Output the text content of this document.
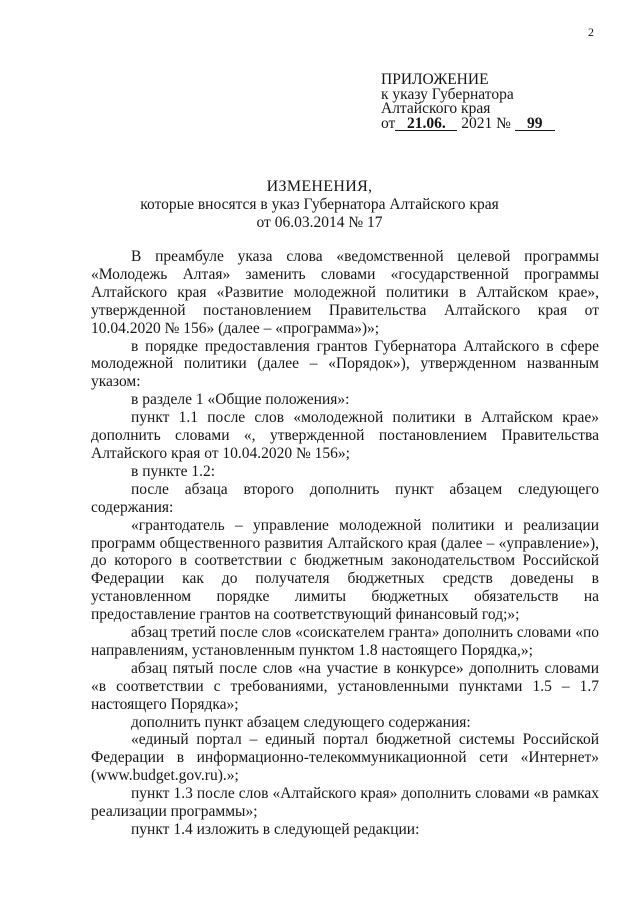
2
ПРИЛОЖЕНИЕ
к указу Губернатора
Алтайского края
от 21.06. 2021 № 99
ИЗМЕНЕНИЯ,
которые вносятся в указ Губернатора Алтайского края
от 06.03.2014 № 17

В преамбуле указа слова «ведомственной целевой программы «Молодежь Алтая» заменить словами «государственной программы Алтайского края «Развитие молодежной политики в Алтайском крае», утвержденной постановлением Правительства Алтайского края от 10.04.2020 № 156» (далее – «программа»)»;

в порядке предоставления грантов Губернатора Алтайского в сфере молодежной политики (далее – «Порядок»), утвержденном названным указом:

в разделе 1 «Общие положения»:

пункт 1.1 после слов «молодежной политики в Алтайском крае» дополнить словами «, утвержденной постановлением Правительства Алтайского края от 10.04.2020 № 156»;

в пункте 1.2:

после абзаца второго дополнить пункт абзацем следующего содержания:

«грантодатель – управление молодежной политики и реализации программ общественного развития Алтайского края (далее – «управление»), до которого в соответствии с бюджетным законодательством Российской Федерации как до получателя бюджетных средств доведены в установленном порядке лимиты бюджетных обязательств на предоставление грантов на соответствующий финансовый год;»;

абзац третий после слов «соискателем гранта» дополнить словами «по направлениям, установленным пунктом 1.8 настоящего Порядка,»;

абзац пятый после слов «на участие в конкурсе» дополнить словами «в соответствии с требованиями, установленными пунктами 1.5 – 1.7 настоящего Порядка»;

дополнить пункт абзацем следующего содержания:

«единый портал – единый портал бюджетной системы Российской Федерации в информационно-телекоммуникационной сети «Интернет» (www.budget.gov.ru).»;

пункт 1.3 после слов «Алтайского края» дополнить словами «в рамках реализации программы»;

пункт 1.4 изложить в следующей редакции:
